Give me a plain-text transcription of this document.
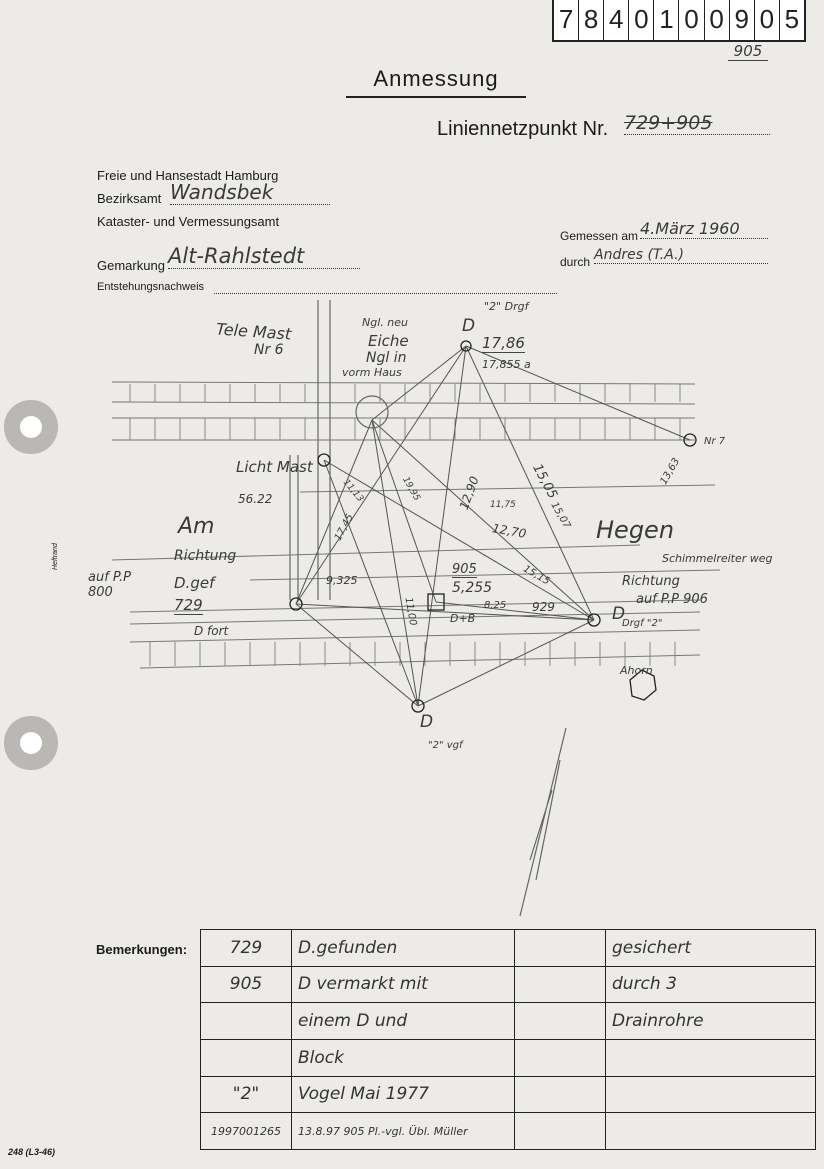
7 8 4 0 1 0 0 9 0 5
905
Anmessung
Liniennetzpunkt Nr. 729+905
Freie und Hansestadt Hamburg
Bezirksamt Wandsbek
Kataster- und Vermessungsamt
Gemarkung Alt-Rahlstedt
Entstehungsnachweis
Gemessen am 4.März 1960
durch Andres (T.A.)
Heftrand
Tele Mast
Nr 6
Ngl. neu
Eiche
Ngl in
vorm Haus
Licht Mast
56.22
Am
Richtung
auf P.P 800
D.gef
729
D fort
Hegen
Schimmelreiter weg
Richtung
auf P.P 906
Ahorn
Nr 7
D
"2" Drgf
17,86
17,855 a
905
5,255
D+B
929	D
Drgf "2"
D
"2" vgf
15,05	13,63
12,70
15,15
15,07
12,90
17,45
9,325
11,00	8,25
11,75
11,13	19,95
Bemerkungen:	729	D.gefunden		gesichert
905	D vermarkt mit		durch 3
	einem D und		Drainrohre
	Block		
"2"	Vogel Mai 1977		
1997001265	13.8.97 905 Pl.-vgl. Übl. Müller		
248 (L3-46)
